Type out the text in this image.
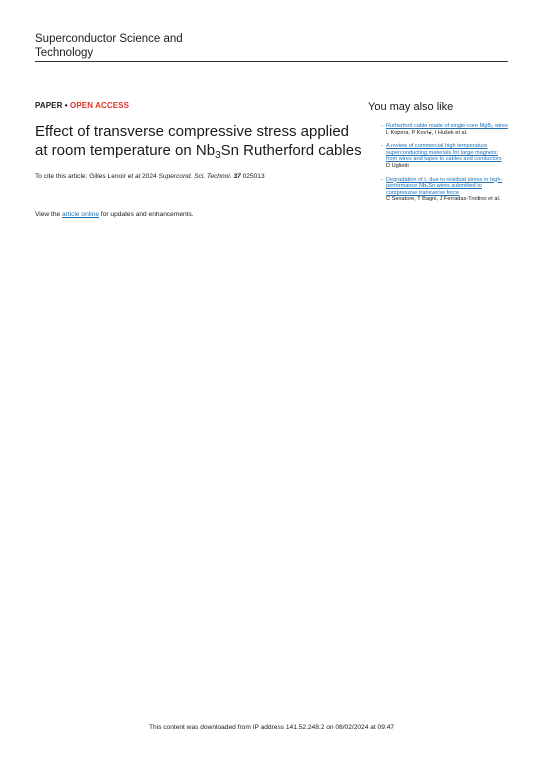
Superconductor Science and
Technology
PAPER • OPEN ACCESS
Effect of transverse compressive stress applied at room temperature on $Nb_3Sn$ Rutherford cables
To cite this article: Gilles Lenoir et al 2024 Supercond. Sci. Technol. 37 025013
View the article online for updates and enhancements.
You may also like
- Rutherford cable made of single-core MgB₂ wires
L Kopera, P Kovᡠ, I Hušek et al.
- A review of commercial high temperature superconducting materials for large magnets: from wires and tapes to cables and conductors
D Uglietti
- Degradation of I꜀ due to residual stress in high-performance Nb₃Sn wires submitted to compressive transverse force
C Senatore, T Bagni, J Ferradas-Troitino et al.
This content was downloaded from IP address 141.52.248.2 on 08/02/2024 at 09:47
